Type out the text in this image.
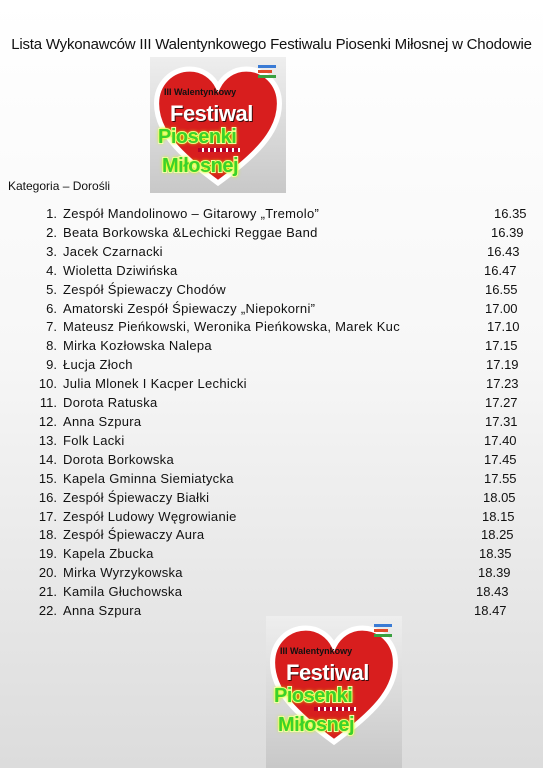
Lista Wykonawców III Walentynkowego Festiwalu Piosenki Miłosnej w Chodowie
III Walentynkowy
Festiwal
Piosenki
Miłosnej
Kategoria – Dorośli
1. Zespół Mandolinowo – Gitarowy „Tremolo”	16.35
2. Beata Borkowska &Lechicki Reggae Band	16.39
3. Jacek Czarnacki	16.43
4. Wioletta Dziwińska	16.47
5. Zespół Śpiewaczy Chodów	16.55
6. Amatorski Zespół Śpiewaczy „Niepokorni”	17.00
7. Mateusz Pieńkowski, Weronika Pieńkowska, Marek Kuc	17.10
8. Mirka Kozłowska Nalepa	17.15
9. Łucja Złoch	17.19
10. Julia Mlonek I Kacper Lechicki	17.23
11. Dorota Ratuska	17.27
12. Anna Szpura	17.31
13. Folk Lacki	17.40
14. Dorota Borkowska	17.45
15. Kapela Gminna Siemiatycka	17.55
16. Zespół Śpiewaczy Białki	18.05
17. Zespół Ludowy Węgrowianie	18.15
18. Zespół Śpiewaczy Aura	18.25
19. Kapela Zbucka	18.35
20. Mirka Wyrzykowska	18.39
21. Kamila Głuchowska	18.43
22. Anna Szpura	18.47
III Walentynkowy
Festiwal
Piosenki
Miłosnej
